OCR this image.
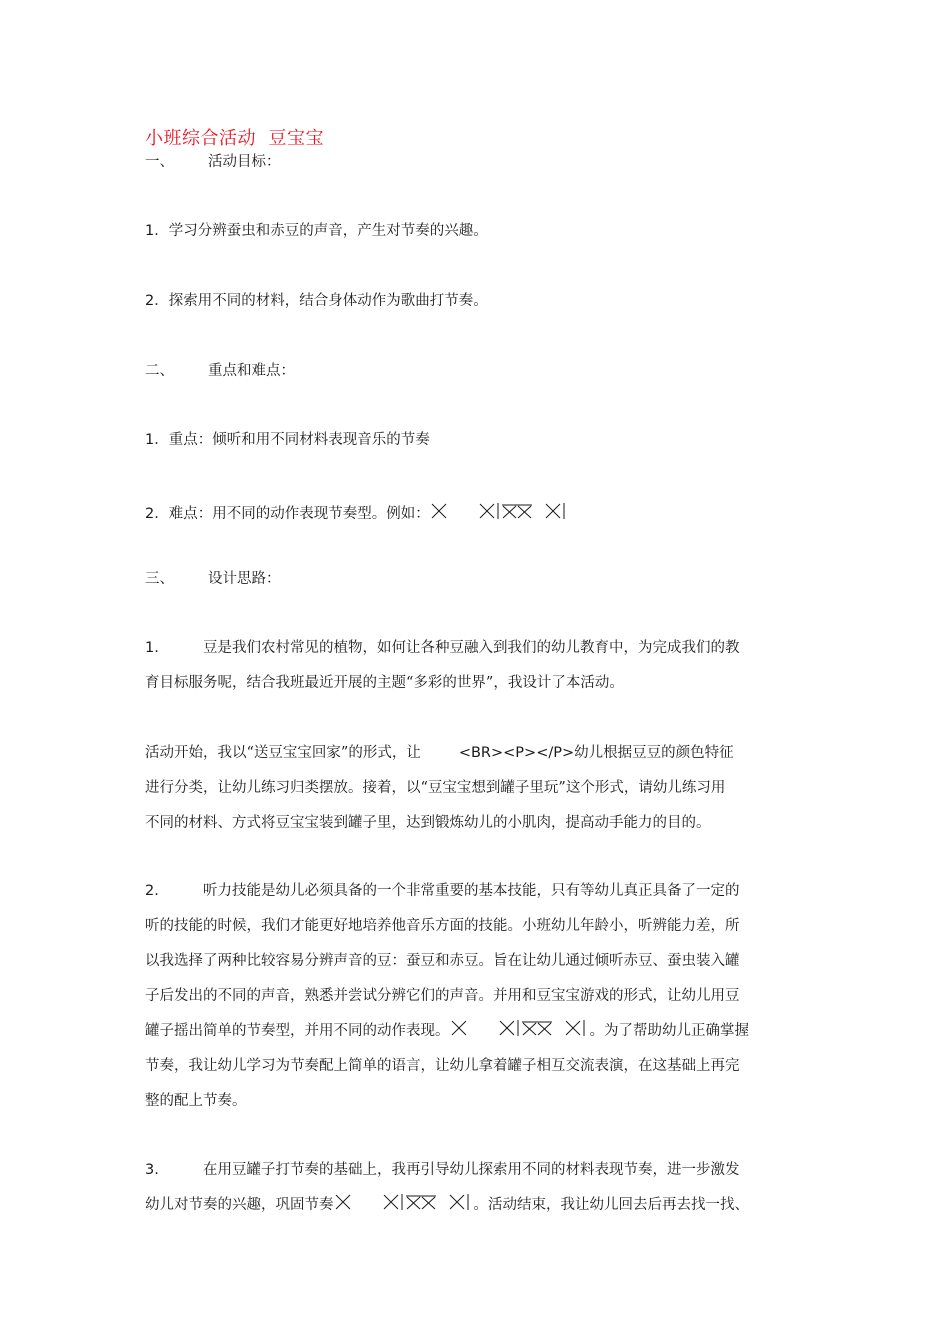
小班综合活动  豆宝宝
一、 活动目标：
1．学习分辨蚕虫和赤豆的声音，产生对节奏的兴趣。
2．探索用不同的材料，结合身体动作为歌曲打节奏。
二、 重点和难点：
1．重点：倾听和用不同材料表现音乐的节奏
2．难点：用不同的动作表现节奏型。例如：
三、 设计思路：
1.	豆是我们农村常见的植物，如何让各种豆融入到我们的幼儿教育中，为完成我们的教
育目标服务呢，结合我班最近开展的主题“多彩的世界”，我设计了本活动。
活动开始，我以“送豆宝宝回家”的形式，让	<BR><P></P>幼儿根据豆豆的颜色特征
进行分类，让幼儿练习归类摆放。接着，以“豆宝宝想到罐子里玩”这个形式，请幼儿练习用
不同的材料、方式将豆宝宝装到罐子里，达到锻炼幼儿的小肌肉，提高动手能力的目的。
2.	听力技能是幼儿必须具备的一个非常重要的基本技能，只有等幼儿真正具备了一定的
听的技能的时候，我们才能更好地培养他音乐方面的技能。小班幼儿年龄小，听辨能力差，所
以我选择了两种比较容易分辨声音的豆：蚕豆和赤豆。旨在让幼儿通过倾听赤豆、蚕虫装入罐
子后发出的不同的声音，熟悉并尝试分辨它们的声音。并用和豆宝宝游戏的形式，让幼儿用豆
罐子摇出简单的节奏型，并用不同的动作表现。	。为了帮助幼儿正确掌握
节奏，我让幼儿学习为节奏配上简单的语言，让幼儿拿着罐子相互交流表演，在这基础上再完
整的配上节奏。
3.	在用豆罐子打节奏的基础上，我再引导幼儿探索用不同的材料表现节奏，进一步激发
幼儿对节奏的兴趣，巩固节奏	。活动结束，我让幼儿回去后再去找一找、
